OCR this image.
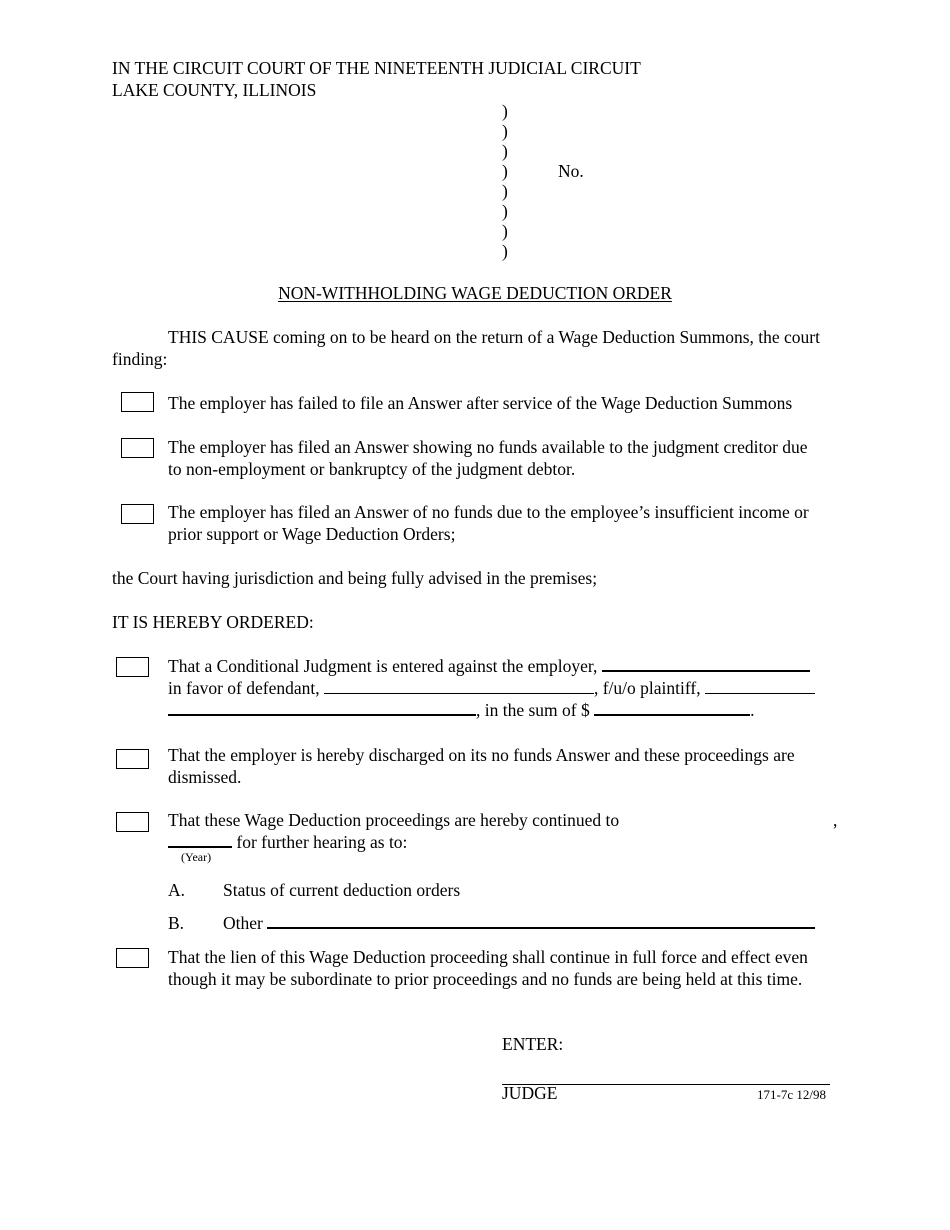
IN THE CIRCUIT COURT OF THE NINETEENTH JUDICIAL CIRCUIT
LAKE COUNTY, ILLINOIS
)
)
)
)
)
)
)
)
No.
NON-WITHHOLDING WAGE DEDUCTION ORDER
THIS CAUSE coming on to be heard on the return of a Wage Deduction Summons, the court
finding:
The employer has failed to file an Answer after service of the Wage Deduction Summons
The employer has filed an Answer showing no funds available to the judgment creditor due
to non-employment or bankruptcy of the judgment debtor.
The employer has filed an Answer of no funds due to the employee’s insufficient income or
prior support or Wage Deduction Orders;
the Court having jurisdiction and being fully advised in the premises;
IT IS HEREBY ORDERED:
That a Conditional Judgment is entered against the employer,
in favor of defendant,	, f/u/o plaintiff,
, in the sum of $	.
That the employer is hereby discharged on its no funds Answer and these proceedings are
dismissed.
That these Wage Deduction proceedings are hereby continued to	,
for further hearing as to:
(Year)
A. Status of current deduction orders
B. Other
That the lien of this Wage Deduction proceeding shall continue in full force and effect even
though it may be subordinate to prior proceedings and no funds are being held at this time.
ENTER:
JUDGE	171-7c 12/98
